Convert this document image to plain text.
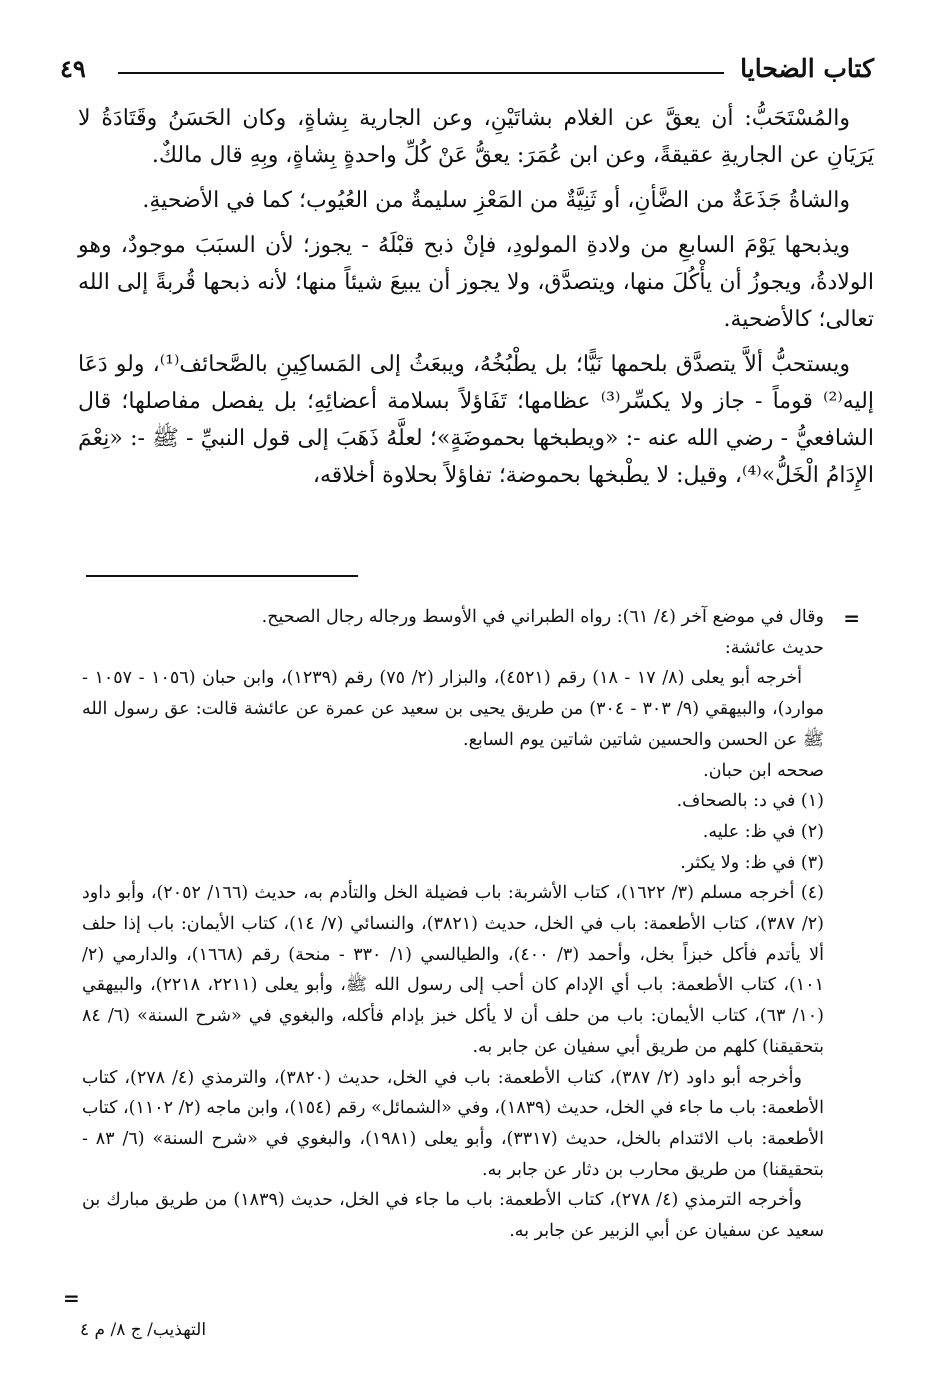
كتاب الضحايا
٤٩

والمُسْتَحَبُّ: أن يعقَّ عن الغلام بشاتَيْنِ، وعن الجارية بِشاةٍ، وكان الحَسَنُ وقَتَادَةُ لا يَرَيَانِ عن الجاريةِ عقيقةً، وعن ابن عُمَرَ: يعقُّ عَنْ كُلِّ واحدةٍ بِشاةٍ، وبِهِ قال مالكٌ.

والشاةُ جَذَعَةٌ من الضَّأنِ، أو ثَنِيَّةٌ من المَعْزِ سليمةٌ من العُيُوب؛ كما في الأضحيةِ.

ويذبحها يَوْمَ السابعِ من ولادةِ المولودِ، فإنْ ذبح قبْلَهُ - يجوز؛ لأن السبَبَ موجودٌ، وهو الولادةُ، ويجوزُ أن يأْكُلَ منها، ويتصدَّق، ولا يجوز أن يبيعَ شيئاً منها؛ لأنه ذبحها قُربةً إلى الله تعالى؛ كالأضحية.

ويستحبُّ ألاَّ يتصدَّق بلحمها نَيًّا؛ بل يطْبُخُهُ، ويبعَثُ إلى المَساكِينِ بالصَّحائف⁽¹⁾، ولو دَعَا إليه⁽²⁾ قوماً - جاز ولا يكسِّر⁽³⁾ عظامها؛ تَفَاؤلاً بسلامة أعضائِهِ؛ بل يفصل مفاصلها؛ قال الشافعيُّ - رضي الله عنه -: «ويطبخها بحموضَةٍ»؛ لعلَّهُ ذَهَبَ إلى قول النبيِّ - ﷺ -: «نِعْمَ الإِدَامُ الْخَلُّ»⁽⁴⁾، وقيل: لا يطْبخها بحموضة؛ تفاؤلاً بحلاوة أخلاقه،

=

وقال في موضع آخر (٤/ ٦١): رواه الطبراني في الأوسط ورجاله رجال الصحيح.

حديث عائشة:

أخرجه أبو يعلى (٨/ ١٧ - ١٨) رقم (٤٥٢١)، والبزار (٢/ ٧٥) رقم (١٢٣٩)، وابن حبان (١٠٥٦ - ١٠٥٧ - موارد)، والبيهقي (٩/ ٣٠٣ - ٣٠٤) من طريق يحيى بن سعيد عن عمرة عن عائشة قالت: عق رسول الله ﷺ عن الحسن والحسين شاتين شاتين يوم السابع.

صححه ابن حبان.

(١) في د: بالصحاف.

(٢) في ظ: عليه.

(٣) في ظ: ولا يكثر.

(٤) أخرجه مسلم (٣/ ١٦٢٢)، كتاب الأشربة: باب فضيلة الخل والتأدم به، حديث (١٦٦/ ٢٠٥٢)، وأبو داود (٢/ ٣٨٧)، كتاب الأطعمة: باب في الخل، حديث (٣٨٢١)، والنسائي (٧/ ١٤)، كتاب الأيمان: باب إذا حلف ألا يأتدم فأكل خبزاً بخل، وأحمد (٣/ ٤٠٠)، والطيالسي (١/ ٣٣٠ - منحة) رقم (١٦٦٨)، والدارمي (٢/ ١٠١)، كتاب الأطعمة: باب أي الإدام كان أحب إلى رسول الله ﷺ، وأبو يعلى (٢٢١١، ٢٢١٨)، والبيهقي (١٠/ ٦٣)، كتاب الأيمان: باب من حلف أن لا يأكل خبز بإدام فأكله، والبغوي في «شرح السنة» (٦/ ٨٤ بتحقيقنا) كلهم من طريق أبي سفيان عن جابر به.

وأخرجه أبو داود (٢/ ٣٨٧)، كتاب الأطعمة: باب في الخل، حديث (٣٨٢٠)، والترمذي (٤/ ٢٧٨)، كتاب الأطعمة: باب ما جاء في الخل، حديث (١٨٣٩)، وفي «الشمائل» رقم (١٥٤)، وابن ماجه (٢/ ١١٠٢)، كتاب الأطعمة: باب الائتدام بالخل، حديث (٣٣١٧)، وأبو يعلى (١٩٨١)، والبغوي في «شرح السنة» (٦/ ٨٣ - بتحقيقنا) من طريق محارب بن دثار عن جابر به.

وأخرجه الترمذي (٤/ ٢٧٨)، كتاب الأطعمة: باب ما جاء في الخل، حديث (١٨٣٩) من طريق مبارك بن سعيد عن سفيان عن أبي الزبير عن جابر به.

=
التهذيب/ ج ٨/ م ٤
